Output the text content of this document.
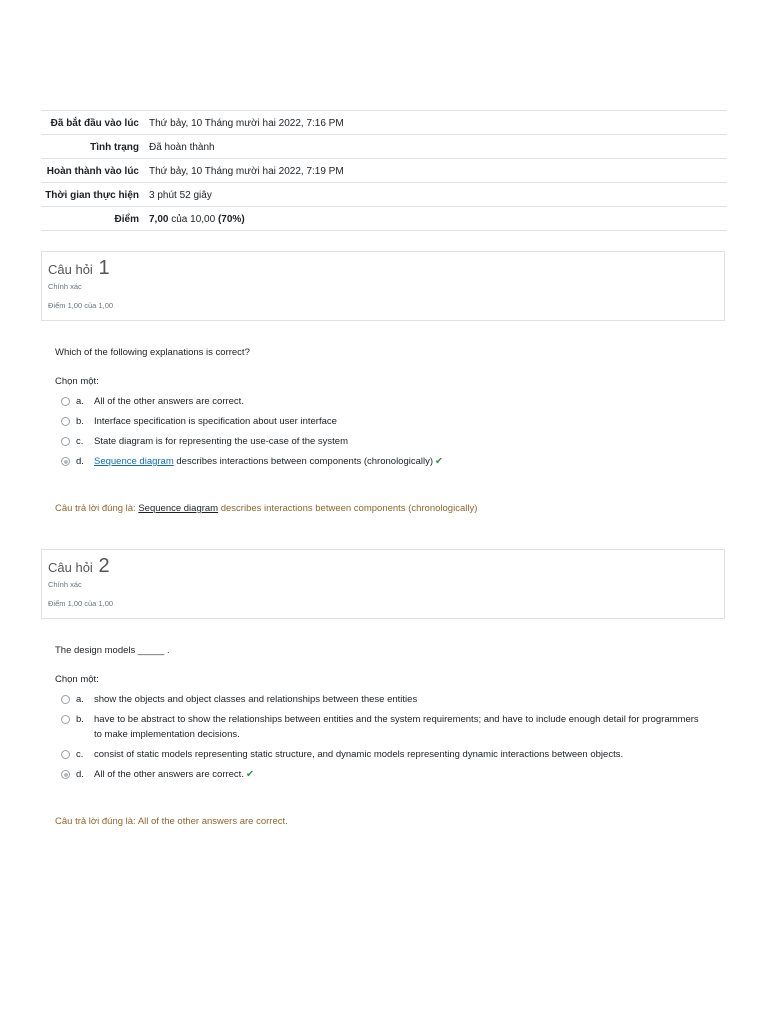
Đã bắt đầu vào lúc	Thứ bảy, 10 Tháng mười hai 2022, 7:16 PM
Tình trạng	Đã hoàn thành
Hoàn thành vào lúc	Thứ bảy, 10 Tháng mười hai 2022, 7:19 PM
Thời gian thực hiện	3 phút 52 giây
Điểm	7,00 của 10,00 (70%)
Câu hỏi 1
Chính xác
Điểm 1,00 của 1,00
Which of the following explanations is correct?
Chọn một:
a.	All of the other answers are correct.
b.	Interface specification is specification about user interface
c.	State diagram is for representing the use-case of the system
d.	Sequence diagram describes interactions between components (chronologically) ✔
Câu trả lời đúng là: Sequence diagram describes interactions between components (chronologically)
Câu hỏi 2
Chính xác
Điểm 1,00 của 1,00
The design models _____ .
Chọn một:
a.	show the objects and object classes and relationships between these entities
b.	have to be abstract to show the relationships between entities and the system requirements; and have to include enough detail for programmers to make implementation decisions.
c.	consist of static models representing static structure, and dynamic models representing dynamic interactions between objects.
d.	All of the other answers are correct. ✔
Câu trả lời đúng là: All of the other answers are correct.
